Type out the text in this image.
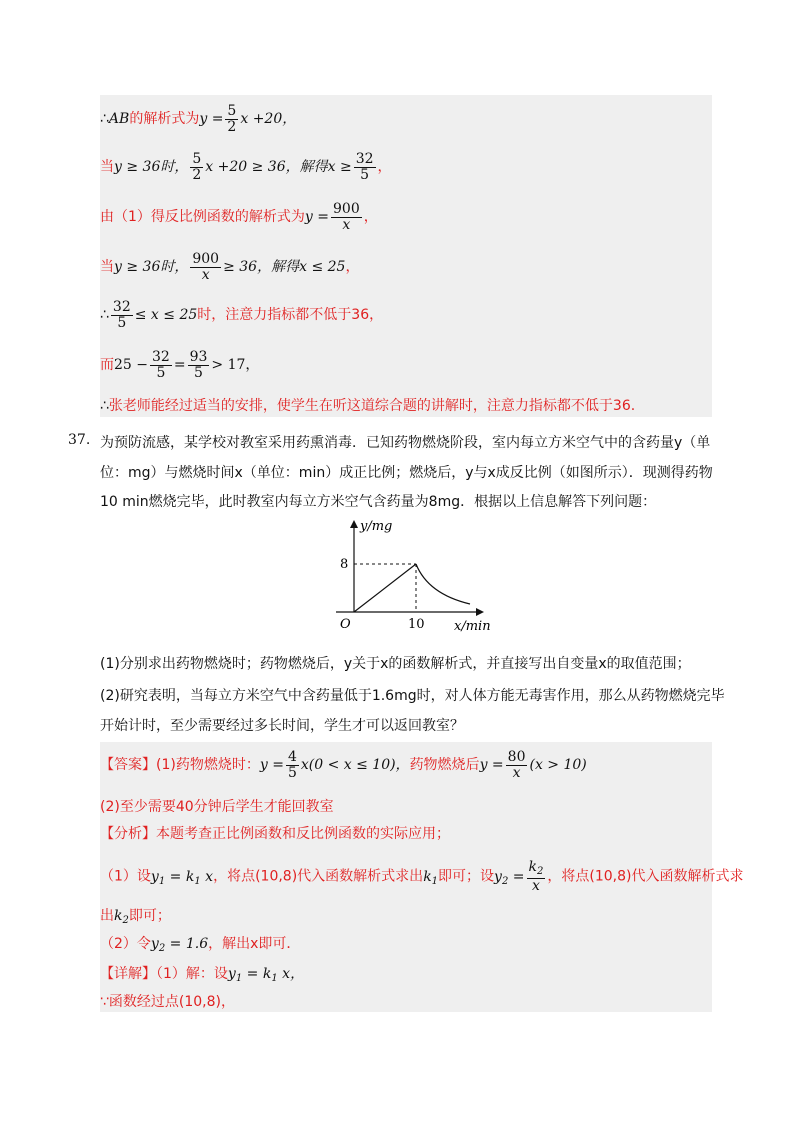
∴AB的解析式为$y = \frac{5}{2}$ x +20，
当y ≥ 36时， $\frac{5}{2}$ x +20 ≥ 36，解得$x \ge \frac{32}{5}$ ，
由（1）得反比例函数的解析式为$y = \frac{900}{x}$ ，
当y ≥ 36时， $\frac{900}{x} \ge 36$，解得x ≤ 25，
∴ $\frac{32}{5} \le x \le 25$时，注意力指标都不低于36，
而$25 - \frac{32}{5} = \frac{93}{5} > 17$，
∴张老师能经过适当的安排，使学生在听这道综合题的讲解时，注意力指标都不低于36.
37. 为预防流感，某学校对教室采用药熏消毒．已知药物燃烧阶段，室内每立方米空气中的含药量y（单
位：mg）与燃烧时间x（单位：min）成正比例；燃烧后，y与x成反比例（如图所示）．现测得药物
10 min燃烧完毕，此时教室内每立方米空气含药量为8mg．根据以上信息解答下列问题：
y/mg
x/min
O
8
10
(1)分别求出药物燃烧时；药物燃烧后，y关于x的函数解析式，并直接写出自变量x的取值范围；
(2)研究表明，当每立方米空气中含药量低于1.6mg时，对人体方能无毒害作用，那么从药物燃烧完毕
开始计时，至少需要经过多长时间，学生才可以返回教室？
【答案】(1)药物燃烧时：$y = \frac{4}{5} x(0 < x \le 10)$，药物燃烧后$y = \frac{80}{x} (x > 10)$
(2)至少需要40分钟后学生才能回教室
【分析】本题考查正比例函数和反比例函数的实际应用；
（1）设$y_1 = k_1$ x，将点(10,8)代入函数解析式求出$k_1$即可；设$y_2 = \frac{k_2}{x}$ ，将点(10,8)代入函数解析式求
出$k_2$即可；
（2）令$y_2 = 1.6$，解出x即可．
【详解】（1）解：设$y_1 = k_1$ x，
∵函数经过点(10,8)，
